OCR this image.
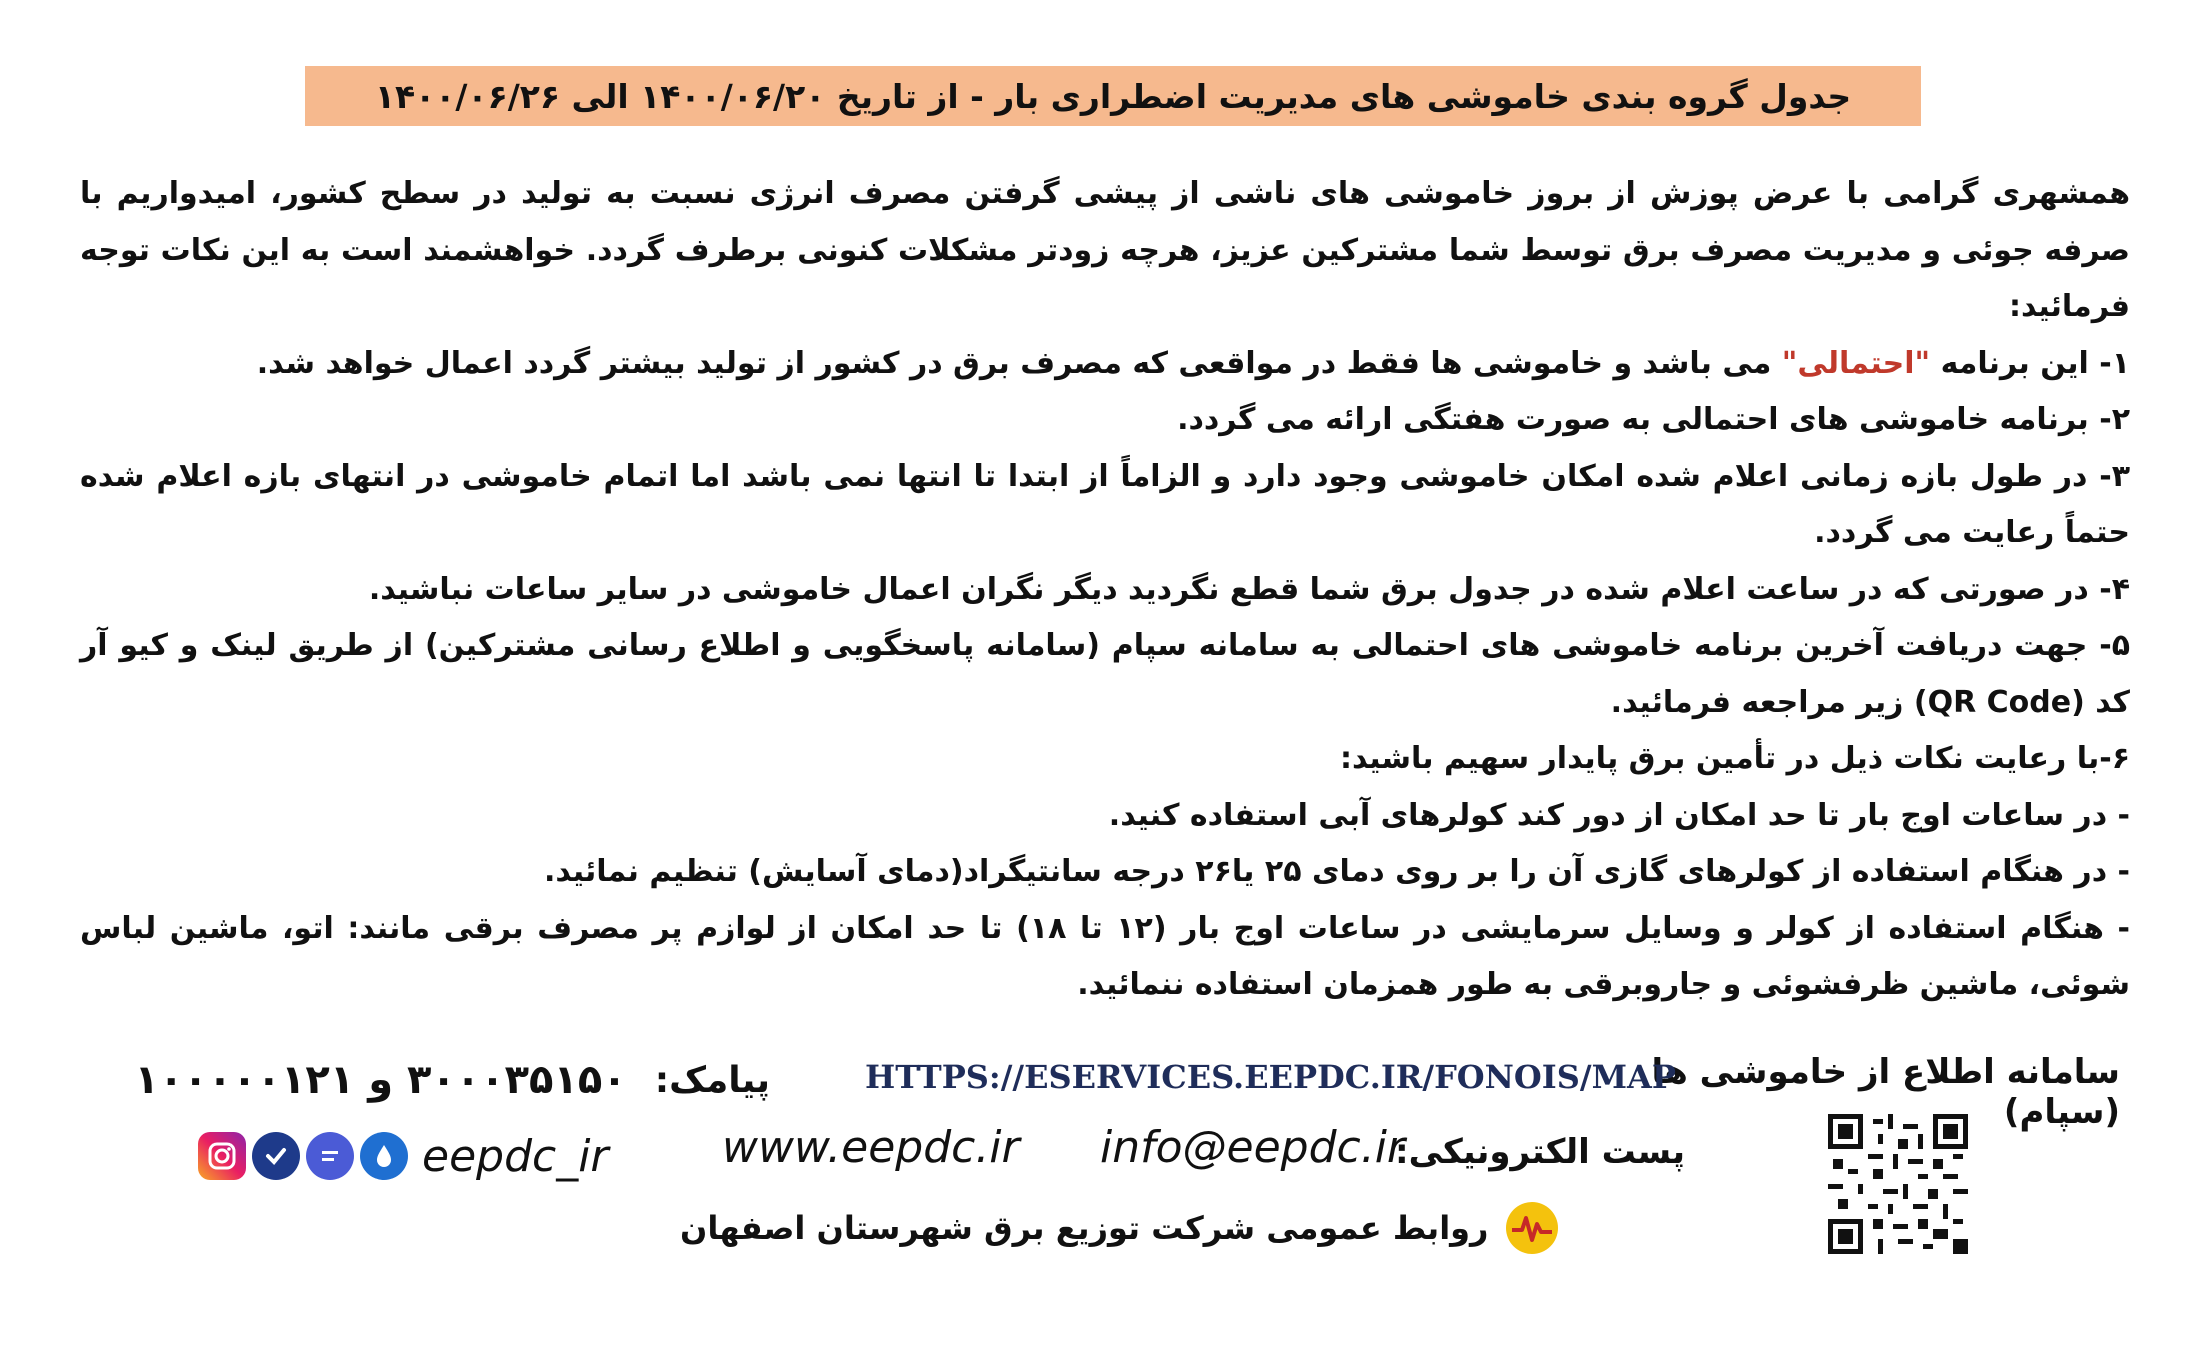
جدول گروه بندی خاموشی های مدیریت اضطراری بار - از تاریخ ۱۴۰۰/۰۶/۲۰ الی ۱۴۰۰/۰۶/۲۶

همشهری گرامی با عرض پوزش از بروز خاموشی های ناشی از پیشی گرفتن مصرف انرژی نسبت به تولید در سطح کشور، امیدواریم با صرفه جوئی و مدیریت مصرف برق توسط شما مشترکین عزیز، هرچه زودتر مشکلات کنونی برطرف گردد. خواهشمند است به این نکات توجه فرمائید:

۱- این برنامه "احتمالی" می باشد و خاموشی ها فقط در مواقعی که مصرف برق در کشور از تولید بیشتر گردد اعمال خواهد شد.

۲- برنامه خاموشی های احتمالی به صورت هفتگی ارائه می گردد.

۳- در طول بازه زمانی اعلام شده امکان خاموشی وجود دارد و الزاماً از ابتدا تا انتها نمی باشد اما اتمام خاموشی در انتهای بازه اعلام شده حتماً رعایت می گردد.

۴- در صورتی که در ساعت اعلام شده در جدول برق شما قطع نگردید دیگر نگران اعمال خاموشی در سایر ساعات نباشید.

۵- جهت دریافت آخرین برنامه خاموشی های احتمالی به سامانه سپام (سامانه پاسخگویی و اطلاع رسانی مشترکین) از طریق لینک و کیو آر کد (QR Code) زیر مراجعه فرمائید.

۶-با رعایت نکات ذیل در تأمین برق پایدار سهیم باشید:

- در ساعات اوج بار تا حد امکان از دور کند کولرهای آبی استفاده کنید.

- در هنگام استفاده از کولرهای گازی آن را بر روی دمای ۲۵ یا۲۶ درجه سانتیگراد(دمای آسایش) تنظیم نمائید.

- هنگام استفاده از کولر و وسایل سرمایشی در ساعات اوج بار (۱۲ تا ۱۸) تا حد امکان از لوازم پر مصرف برقی مانند: اتو، ماشین لباس شوئی، ماشین ظرفشوئی و جاروبرقی به طور همزمان استفاده ننمائید.

سامانه اطلاع از خاموشی ها (سپام)
HTTPS://ESERVICES.EEPDC.IR/FONOIS/MAP
پیامک:
۳۰۰۰۳۵۱۵۰ و ۱۰۰۰۰۰۱۲۱
پست الکترونیکی:
info@eepdc.ir
www.eepdc.ir
eepdc_ir
روابط عمومی شرکت توزیع برق شهرستان اصفهان
